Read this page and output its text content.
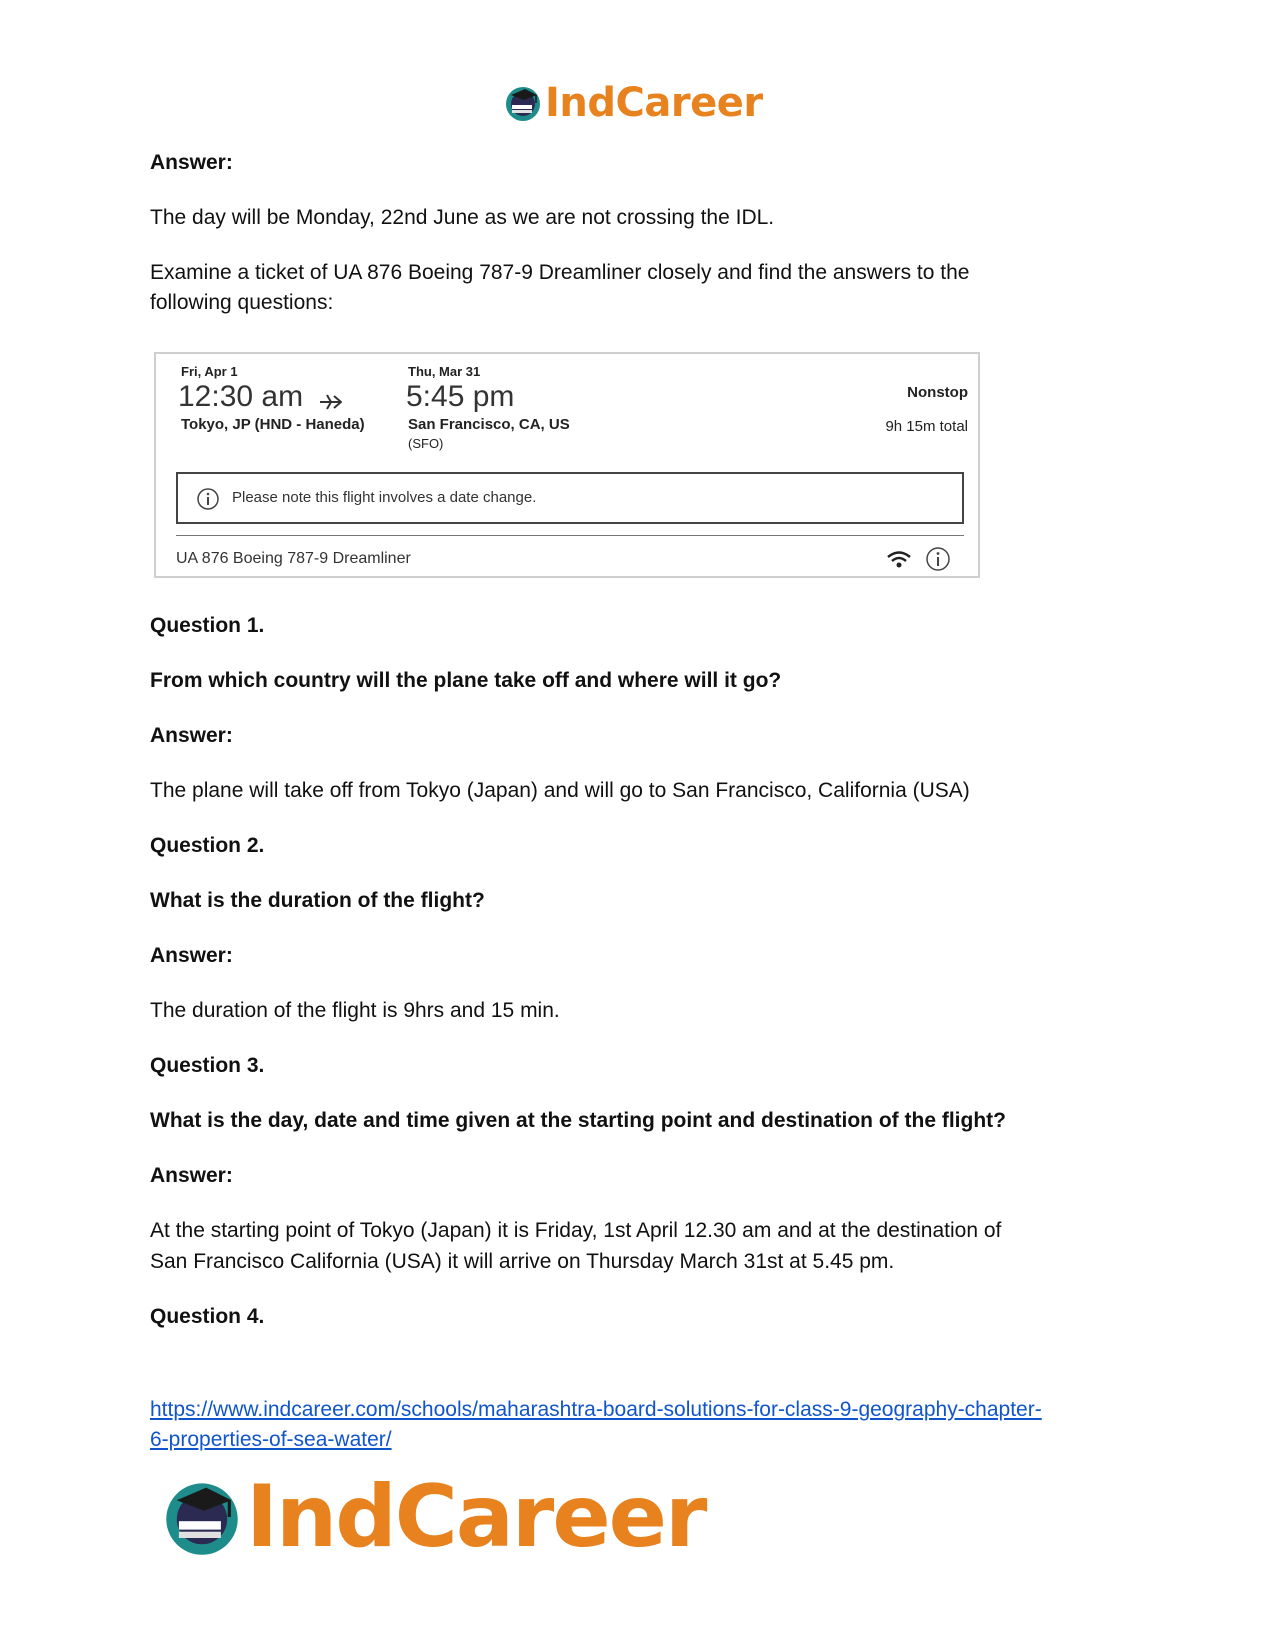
IndCareer
Answer:
The day will be Monday, 22nd June as we are not crossing the IDL.
Examine a ticket of UA 876 Boeing 787-9 Dreamliner closely and find the answers to the
following questions:
Fri, Apr 1
12:30 am
Tokyo, JP (HND - Haneda)
Thu, Mar 31
5:45 pm
San Francisco, CA, US
(SFO)
Nonstop
9h 15m total
Please note this flight involves a date change.
UA 876 Boeing 787-9 Dreamliner
Question 1.
From which country will the plane take off and where will it go?
Answer:
The plane will take off from Tokyo (Japan) and will go to San Francisco, California (USA)
Question 2.
What is the duration of the flight?
Answer:
The duration of the flight is 9hrs and 15 min.
Question 3.
What is the day, date and time given at the starting point and destination of the flight?
Answer:
At the starting point of Tokyo (Japan) it is Friday, 1st April 12.30 am and at the destination of
San Francisco California (USA) it will arrive on Thursday March 31st at 5.45 pm.
Question 4.
https://www.indcareer.com/schools/maharashtra-board-solutions-for-class-9-geography-chapter-
6-properties-of-sea-water/
IndCareer
